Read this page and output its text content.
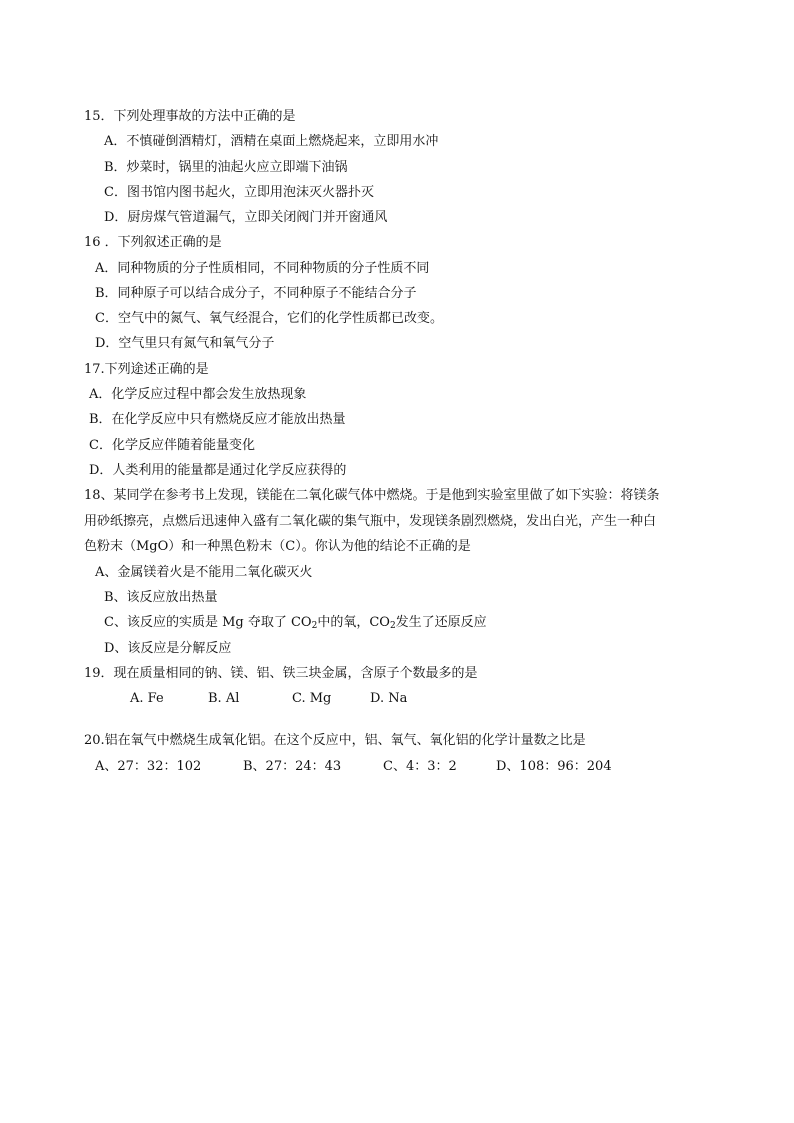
15．下列处理事故的方法中正确的是
A．不慎碰倒酒精灯，酒精在桌面上燃烧起来，立即用水冲
B．炒菜时，锅里的油起火应立即端下油锅
C．图书馆内图书起火，立即用泡沫灭火器扑灭
D．厨房煤气管道漏气，立即关闭阀门并开窗通风
16 ．下列叙述正确的是
A．同种物质的分子性质相同，不同种物质的分子性质不同
B．同种原子可以结合成分子，不同种原子不能结合分子
C．空气中的氮气、氧气经混合，它们的化学性质都已改变。
D．空气里只有氮气和氧气分子
17.下列途述正确的是
A．化学反应过程中都会发生放热现象
B．在化学反应中只有燃烧反应才能放出热量
C．化学反应伴随着能量变化
D．人类利用的能量都是通过化学反应获得的
18、某同学在参考书上发现，镁能在二氧化碳气体中燃烧。于是他到实验室里做了如下实验：将镁条
用砂纸擦亮，点燃后迅速伸入盛有二氧化碳的集气瓶中，发现镁条剧烈燃烧，发出白光，产生一种白
色粉末（MgO）和一种黑色粉末（C）。你认为他的结论不正确的是
A、金属镁着火是不能用二氧化碳灭火
B、该反应放出热量
C、该反应的实质是 Mg 夺取了 $CO_2$中的氧，$CO_2$发生了还原反应
D、该反应是分解反应
19．现在质量相同的钠、镁、铝、铁三块金属，含原子个数最多的是
A. Fe	B. Al	C. Mg	D. Na
20.铝在氧气中燃烧生成氧化铝。在这个反应中，铝、氧气、氧化铝的化学计量数之比是
A、27：32：102	B、27：24：43	C、4：3：2	D、108：96：204
